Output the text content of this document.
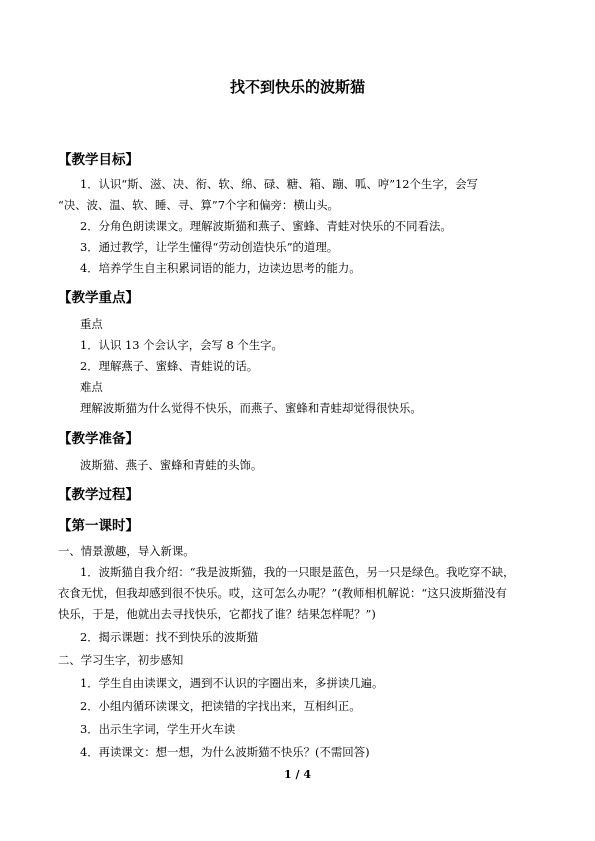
找不到快乐的波斯猫
【教学目标】
1．认识“斯、滋、决、衔、软、绵、碌、糖、箱、蹦、呱、哼”12个生字，会写
“决、波、温、软、睡、寻、算”7个字和偏旁：横山头。
2．分角色朗读课文。理解波斯猫和燕子、蜜蜂、青蛙对快乐的不同看法。
3．通过教学，让学生懂得“劳动创造快乐”的道理。
4．培养学生自主积累词语的能力，边读边思考的能力。
【教学重点】
重点
1．认识 13 个会认字，会写 8 个生字。
2．理解燕子、蜜蜂、青蛙说的话。
难点
理解波斯猫为什么觉得不快乐，而燕子、蜜蜂和青蛙却觉得很快乐。
【教学准备】
波斯猫、燕子、蜜蜂和青蛙的头饰。
【教学过程】
【第一课时】
一、情景激趣，导入新课。
1．波斯猫自我介绍：“我是波斯猫，我的一只眼是蓝色，另一只是绿色。我吃穿不缺，
衣食无忧，但我却感到很不快乐。哎，这可怎么办呢？”(教师相机解说：“这只波斯猫没有
快乐，于是，他就出去寻找快乐，它都找了谁？结果怎样呢？”)
2．揭示课题：找不到快乐的波斯猫
二、学习生字，初步感知
1．学生自由读课文，遇到不认识的字圈出来，多拼读几遍。
2．小组内循环读课文，把读错的字找出来，互相纠正。
3．出示生字词，学生开火车读
4．再读课文：想一想，为什么波斯猫不快乐？(不需回答)
1 / 4
